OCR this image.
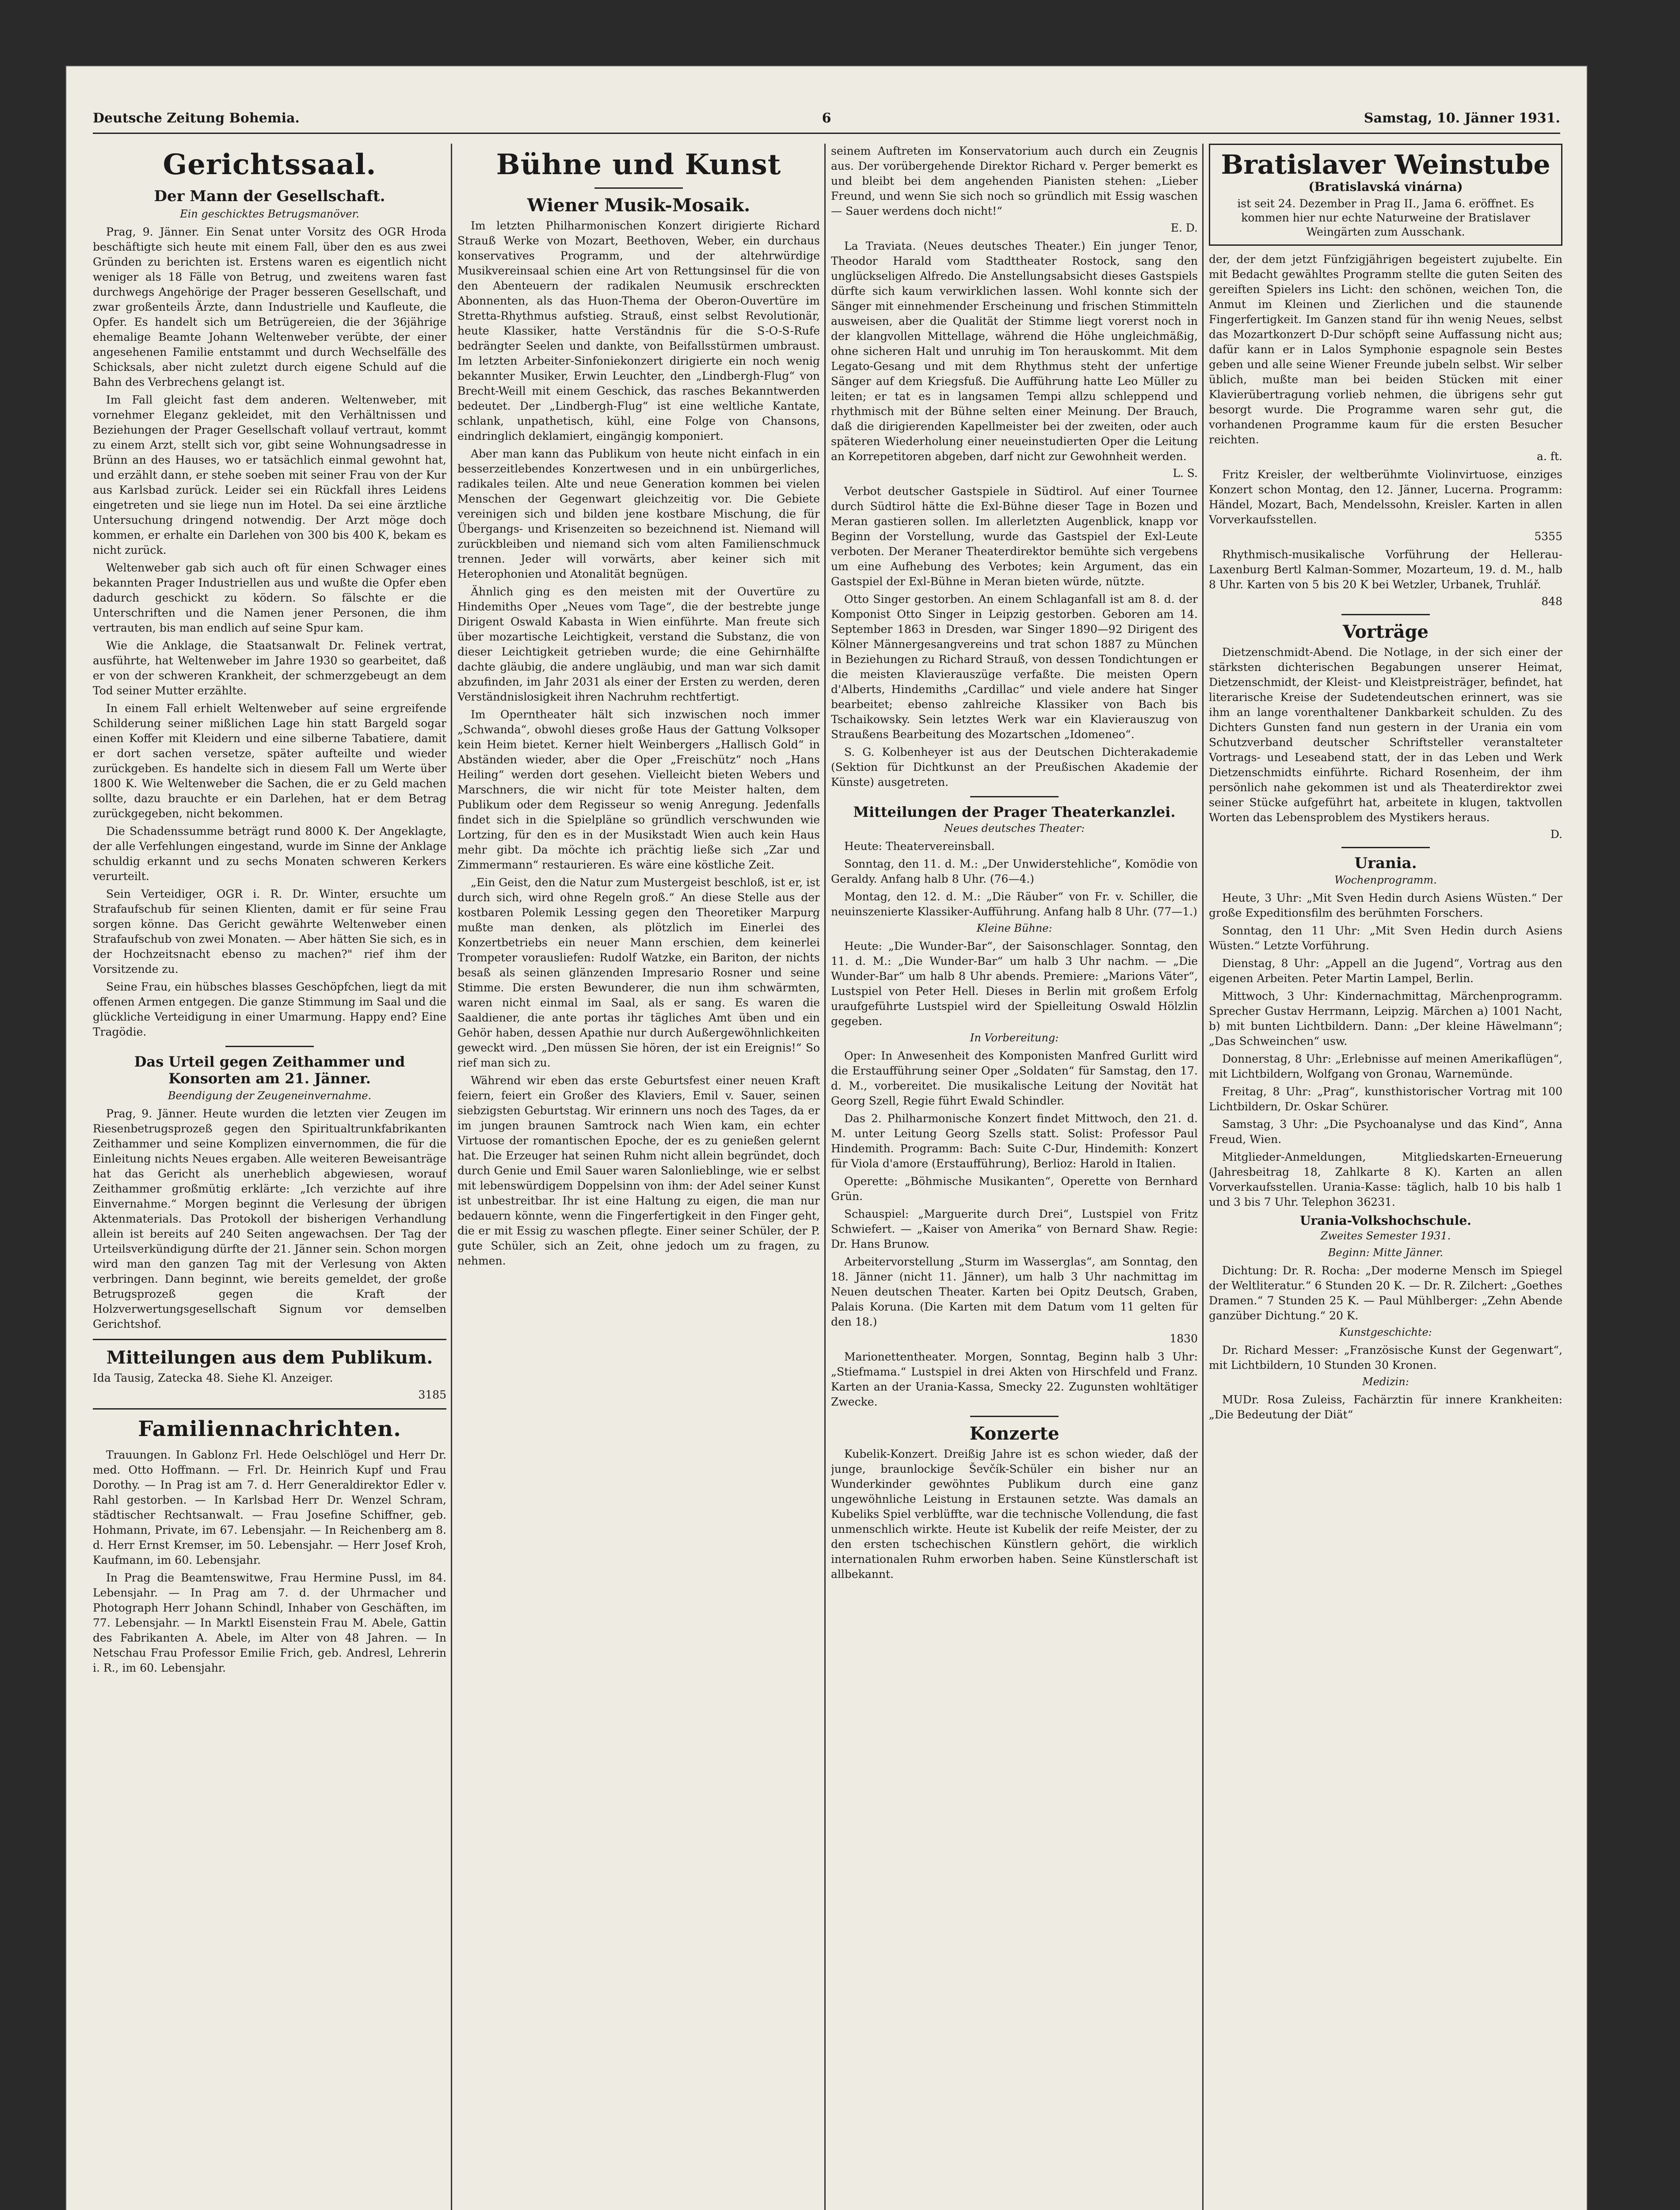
Deutsche Zeitung Bohemia.	6	Samstag, 10. Jänner 1931.
Gerichtssaal.
Der Mann der Gesellschaft.
Ein geschicktes Betrugsmanöver.

Prag, 9. Jänner. Ein Senat unter Vorsitz des OGR Hroda beschäftigte sich heute mit einem Fall, über den es aus zwei Gründen zu berichten ist. Erstens waren es eigentlich nicht weniger als 18 Fälle von Betrug, und zweitens waren fast durchwegs Angehörige der Prager besseren Gesellschaft, und zwar großenteils Ärzte, dann Industrielle und Kaufleute, die Opfer. Es handelt sich um Betrügereien, die der 36jährige ehemalige Beamte Johann Weltenweber verübte, der einer angesehenen Familie entstammt und durch Wechselfälle des Schicksals, aber nicht zuletzt durch eigene Schuld auf die Bahn des Verbrechens gelangt ist.

Im Fall gleicht fast dem anderen. Weltenweber, mit vornehmer Eleganz gekleidet, mit den Verhältnissen und Beziehungen der Prager Gesellschaft vollauf vertraut, kommt zu einem Arzt, stellt sich vor, gibt seine Wohnungsadresse in Brünn an des Hauses, wo er tatsächlich einmal gewohnt hat, und erzählt dann, er stehe soeben mit seiner Frau von der Kur aus Karlsbad zurück. Leider sei ein Rückfall ihres Leidens eingetreten und sie liege nun im Hotel. Da sei eine ärztliche Untersuchung dringend notwendig. Der Arzt möge doch kommen, er erhalte ein Darlehen von 300 bis 400 K, bekam es nicht zurück.

Weltenweber gab sich auch oft für einen Schwager eines bekannten Prager Industriellen aus und wußte die Opfer eben dadurch geschickt zu ködern. So fälschte er die Unterschriften und die Namen jener Personen, die ihm vertrauten, bis man endlich auf seine Spur kam.

Wie die Anklage, die Staatsanwalt Dr. Felinek vertrat, ausführte, hat Weltenweber im Jahre 1930 so gearbeitet, daß er von der schweren Krankheit, der schmerzgebeugt an dem Tod seiner Mutter erzählte.

In einem Fall erhielt Weltenweber auf seine ergreifende Schilderung seiner mißlichen Lage hin statt Bargeld sogar einen Koffer mit Kleidern und eine silberne Tabatiere, damit er dort sachen versetze, später aufteilte und wieder zurückgeben. Es handelte sich in diesem Fall um Werte über 1800 K. Wie Weltenweber die Sachen, die er zu Geld machen sollte, dazu brauchte er ein Darlehen, hat er dem Betrag zurückgegeben, nicht bekommen.

Die Schadenssumme beträgt rund 8000 K. Der Angeklagte, der alle Verfehlungen eingestand, wurde im Sinne der Anklage schuldig erkannt und zu sechs Monaten schweren Kerkers verurteilt.

Sein Verteidiger, OGR i. R. Dr. Winter, ersuchte um Strafaufschub für seinen Klienten, damit er für seine Frau sorgen könne. Das Gericht gewährte Weltenweber einen Strafaufschub von zwei Monaten. — Aber hätten Sie sich, es in der Hochzeitsnacht ebenso zu machen?" rief ihm der Vorsitzende zu.

Seine Frau, ein hübsches blasses Geschöpfchen, liegt da mit offenen Armen entgegen. Die ganze Stimmung im Saal und die glückliche Verteidigung in einer Umarmung. Happy end? Eine Tragödie.

Das Urteil gegen Zeithammer und Konsorten am 21. Jänner.
Beendigung der Zeugeneinvernahme.

Prag, 9. Jänner. Heute wurden die letzten vier Zeugen im Riesenbetrugsprozeß gegen den Spiritualtrunkfabrikanten Zeithammer und seine Komplizen einvernommen, die für die Einleitung nichts Neues ergaben. Alle weiteren Beweisanträge hat das Gericht als unerheblich abgewiesen, worauf Zeithammer großmütig erklärte: „Ich verzichte auf ihre Einvernahme.“ Morgen beginnt die Verlesung der übrigen Aktenmaterials. Das Protokoll der bisherigen Verhandlung allein ist bereits auf 240 Seiten angewachsen. Der Tag der Urteilsverkündigung dürfte der 21. Jänner sein. Schon morgen wird man den ganzen Tag mit der Verlesung von Akten verbringen. Dann beginnt, wie bereits gemeldet, der große Betrugsprozeß gegen die Kraft der Holzverwertungsgesellschaft Signum vor demselben Gerichtshof.

Mitteilungen aus dem Publikum.

Ida Tausig, Zatecka 48. Siehe Kl. Anzeiger.

3185
Familiennachrichten.

Trauungen. In Gablonz Frl. Hede Oelschlögel und Herr Dr. med. Otto Hoffmann. — Frl. Dr. Heinrich Kupf und Frau Dorothy. — In Prag ist am 7. d. Herr Generaldirektor Edler v. Rahl gestorben. — In Karlsbad Herr Dr. Wenzel Schram, städtischer Rechtsanwalt. — Frau Josefine Schiffner, geb. Hohmann, Private, im 67. Lebensjahr. — In Reichenberg am 8. d. Herr Ernst Kremser, im 50. Lebensjahr. — Herr Josef Kroh, Kaufmann, im 60. Lebensjahr.

In Prag die Beamtenswitwe, Frau Hermine Pussl, im 84. Lebensjahr. — In Prag am 7. d. der Uhrmacher und Photograph Herr Johann Schindl, Inhaber von Geschäften, im 77. Lebensjahr. — In Marktl Eisenstein Frau M. Abele, Gattin des Fabrikanten A. Abele, im Alter von 48 Jahren. — In Netschau Frau Professor Emilie Frich, geb. Andresl, Lehrerin i. R., im 60. Lebensjahr.

Bühne und Kunst
Wiener Musik-Mosaik.

Im letzten Philharmonischen Konzert dirigierte Richard Strauß Werke von Mozart, Beethoven, Weber, ein durchaus konservatives Programm, und der altehrwürdige Musikvereinsaal schien eine Art von Rettungsinsel für die von den Abenteuern der radikalen Neumusik erschreckten Abonnenten, als das Huon-Thema der Oberon-Ouvertüre im Stretta-Rhythmus aufstieg. Strauß, einst selbst Revolutionär, heute Klassiker, hatte Verständnis für die S-O-S-Rufe bedrängter Seelen und dankte, von Beifallsstürmen umbraust. Im letzten Arbeiter-Sinfoniekonzert dirigierte ein noch wenig bekannter Musiker, Erwin Leuchter, den „Lindbergh-Flug“ von Brecht-Weill mit einem Geschick, das rasches Bekanntwerden bedeutet. Der „Lindbergh-Flug“ ist eine weltliche Kantate, schlank, unpathetisch, kühl, eine Folge von Chansons, eindringlich deklamiert, eingängig komponiert.

Aber man kann das Publikum von heute nicht einfach in ein besserzeitlebendes Konzertwesen und in ein unbürgerliches, radikales teilen. Alte und neue Generation kommen bei vielen Menschen der Gegenwart gleichzeitig vor. Die Gebiete vereinigen sich und bilden jene kostbare Mischung, die für Übergangs- und Krisenzeiten so bezeichnend ist. Niemand will zurückbleiben und niemand sich vom alten Familienschmuck trennen. Jeder will vorwärts, aber keiner sich mit Heterophonien und Atonalität begnügen.

Ähnlich ging es den meisten mit der Ouvertüre zu Hindemiths Oper „Neues vom Tage“, die der bestrebte junge Dirigent Oswald Kabasta in Wien einführte. Man freute sich über mozartische Leichtigkeit, verstand die Substanz, die von dieser Leichtigkeit getrieben wurde; die eine Gehirnhälfte dachte gläubig, die andere ungläubig, und man war sich damit abzufinden, im Jahr 2031 als einer der Ersten zu werden, deren Verständnislosigkeit ihren Nachruhm rechtfertigt.

Im Operntheater hält sich inzwischen noch immer „Schwanda“, obwohl dieses große Haus der Gattung Volksoper kein Heim bietet. Kerner hielt Weinbergers „Hallisch Gold“ in Abständen wieder, aber die Oper „Freischütz“ noch „Hans Heiling“ werden dort gesehen. Vielleicht bieten Webers und Marschners, die wir nicht für tote Meister halten, dem Publikum oder dem Regisseur so wenig Anregung. Jedenfalls findet sich in die Spielpläne so gründlich verschwunden wie Lortzing, für den es in der Musikstadt Wien auch kein Haus mehr gibt. Da möchte ich prächtig ließe sich „Zar und Zimmermann“ restaurieren. Es wäre eine köstliche Zeit.

„Ein Geist, den die Natur zum Mustergeist beschloß, ist er, ist durch sich, wird ohne Regeln groß.“ An diese Stelle aus der kostbaren Polemik Lessing gegen den Theoretiker Marpurg mußte man denken, als plötzlich im Einerlei des Konzertbetriebs ein neuer Mann erschien, dem keinerlei Trompeter vorausliefen: Rudolf Watzke, ein Bariton, der nichts besaß als seinen glänzenden Impresario Rosner und seine Stimme. Die ersten Bewunderer, die nun ihm schwärmten, waren nicht einmal im Saal, als er sang. Es waren die Saaldiener, die ante portas ihr tägliches Amt üben und ein Gehör haben, dessen Apathie nur durch Außergewöhnlichkeiten geweckt wird. „Den müssen Sie hören, der ist ein Ereignis!“ So rief man sich zu.

Während wir eben das erste Geburtsfest einer neuen Kraft feiern, feiert ein Großer des Klaviers, Emil v. Sauer, seinen siebzigsten Geburtstag. Wir erinnern uns noch des Tages, da er im jungen braunen Samtrock nach Wien kam, ein echter Virtuose der romantischen Epoche, der es zu genießen gelernt hat. Die Erzeuger hat seinen Ruhm nicht allein begründet, doch durch Genie und Emil Sauer waren Salonlieblinge, wie er selbst mit lebenswürdigem Doppelsinn von ihm: der Adel seiner Kunst ist unbestreitbar. Ihr ist eine Haltung zu eigen, die man nur bedauern könnte, wenn die Fingerfertigkeit in den Finger geht, die er mit Essig zu waschen pflegte. Einer seiner Schüler, der P. gute Schüler, sich an Zeit, ohne jedoch um zu fragen, zu nehmen.

seinem Auftreten im Konservatorium auch durch ein Zeugnis aus. Der vorübergehende Direktor Richard v. Perger bemerkt es und bleibt bei dem angehenden Pianisten stehen: „Lieber Freund, und wenn Sie sich noch so gründlich mit Essig waschen — Sauer werdens doch nicht!“

E. D.

La Traviata. (Neues deutsches Theater.) Ein junger Tenor, Theodor Harald vom Stadttheater Rostock, sang den unglückseligen Alfredo. Die Anstellungsabsicht dieses Gastspiels dürfte sich kaum verwirklichen lassen. Wohl konnte sich der Sänger mit einnehmender Erscheinung und frischen Stimmitteln ausweisen, aber die Qualität der Stimme liegt vorerst noch in der klangvollen Mittellage, während die Höhe ungleichmäßig, ohne sicheren Halt und unruhig im Ton herauskommt. Mit dem Legato-Gesang und mit dem Rhythmus steht der unfertige Sänger auf dem Kriegsfuß. Die Aufführung hatte Leo Müller zu leiten; er tat es in langsamen Tempi allzu schleppend und rhythmisch mit der Bühne selten einer Meinung. Der Brauch, daß die dirigierenden Kapellmeister bei der zweiten, oder auch späteren Wiederholung einer neueinstudierten Oper die Leitung an Korrepetitoren abgeben, darf nicht zur Gewohnheit werden.

L. S.

Verbot deutscher Gastspiele in Südtirol. Auf einer Tournee durch Südtirol hätte die Exl-Bühne dieser Tage in Bozen und Meran gastieren sollen. Im allerletzten Augenblick, knapp vor Beginn der Vorstellung, wurde das Gastspiel der Exl-Leute verboten. Der Meraner Theaterdirektor bemühte sich vergebens um eine Aufhebung des Verbotes; kein Argument, das ein Gastspiel der Exl-Bühne in Meran bieten würde, nützte.

Otto Singer gestorben. An einem Schlaganfall ist am 8. d. der Komponist Otto Singer in Leipzig gestorben. Geboren am 14. September 1863 in Dresden, war Singer 1890—92 Dirigent des Kölner Männergesangvereins und trat schon 1887 zu München in Beziehungen zu Richard Strauß, von dessen Tondichtungen er die meisten Klavierauszüge verfaßte. Die meisten Opern d'Alberts, Hindemiths „Cardillac“ und viele andere hat Singer bearbeitet; ebenso zahlreiche Klassiker von Bach bis Tschaikowsky. Sein letztes Werk war ein Klavierauszug von Straußens Bearbeitung des Mozartschen „Idomeneo“.

S. G. Kolbenheyer ist aus der Deutschen Dichterakademie (Sektion für Dichtkunst an der Preußischen Akademie der Künste) ausgetreten.

Mitteilungen der Prager Theaterkanzlei.
Neues deutsches Theater:

Heute: Theatervereinsball.

Sonntag, den 11. d. M.: „Der Unwiderstehliche“, Komödie von Geraldy. Anfang halb 8 Uhr. (76—4.)

Montag, den 12. d. M.: „Die Räuber“ von Fr. v. Schiller, die neuinszenierte Klassiker-Aufführung. Anfang halb 8 Uhr. (77—1.)

Kleine Bühne:

Heute: „Die Wunder-Bar“, der Saisonschlager. Sonntag, den 11. d. M.: „Die Wunder-Bar“ um halb 3 Uhr nachm. — „Die Wunder-Bar“ um halb 8 Uhr abends. Premiere: „Marions Väter“, Lustspiel von Peter Hell. Dieses in Berlin mit großem Erfolg uraufgeführte Lustspiel wird der Spielleitung Oswald Hölzlin gegeben.

In Vorbereitung:

Oper: In Anwesenheit des Komponisten Manfred Gurlitt wird die Erstaufführung seiner Oper „Soldaten“ für Samstag, den 17. d. M., vorbereitet. Die musikalische Leitung der Novität hat Georg Szell, Regie führt Ewald Schindler.

Das 2. Philharmonische Konzert findet Mittwoch, den 21. d. M. unter Leitung Georg Szells statt. Solist: Professor Paul Hindemith. Programm: Bach: Suite C-Dur, Hindemith: Konzert für Viola d'amore (Erstaufführung), Berlioz: Harold in Italien.

Operette: „Böhmische Musikanten“, Operette von Bernhard Grün.

Schauspiel: „Marguerite durch Drei“, Lustspiel von Fritz Schwiefert. — „Kaiser von Amerika“ von Bernard Shaw. Regie: Dr. Hans Brunow.

Arbeitervorstellung „Sturm im Wasserglas“, am Sonntag, den 18. Jänner (nicht 11. Jänner), um halb 3 Uhr nachmittag im Neuen deutschen Theater. Karten bei Opitz Deutsch, Graben, Palais Koruna. (Die Karten mit dem Datum vom 11 gelten für den 18.)

1830

Marionettentheater. Morgen, Sonntag, Beginn halb 3 Uhr: „Stiefmama.“ Lustspiel in drei Akten von Hirschfeld und Franz. Karten an der Urania-Kassa, Smecky 22. Zugunsten wohltätiger Zwecke.

Konzerte

Kubelik-Konzert. Dreißig Jahre ist es schon wieder, daß der junge, braunlockige Ševčík-Schüler ein bisher nur an Wunderkinder gewöhntes Publikum durch eine ganz ungewöhnliche Leistung in Erstaunen setzte. Was damals an Kubeliks Spiel verblüffte, war die technische Vollendung, die fast unmenschlich wirkte. Heute ist Kubelik der reife Meister, der zu den ersten tschechischen Künstlern gehört, die wirklich internationalen Ruhm erworben haben. Seine Künstlerschaft ist allbekannt.

Bratislaver Weinstube
(Bratislavská vinárna)
ist seit 24. Dezember in Prag II., Jama 6. eröffnet. Es kommen hier nur echte Naturweine der Bratislaver Weingärten zum Ausschank.

der, der dem jetzt Fünfzigjährigen begeistert zujubelte. Ein mit Bedacht gewähltes Programm stellte die guten Seiten des gereiften Spielers ins Licht: den schönen, weichen Ton, die Anmut im Kleinen und Zierlichen und die staunende Fingerfertigkeit. Im Ganzen stand für ihn wenig Neues, selbst das Mozartkonzert D-Dur schöpft seine Auffassung nicht aus; dafür kann er in Lalos Symphonie espagnole sein Bestes geben und alle seine Wiener Freunde jubeln selbst. Wir selber üblich, mußte man bei beiden Stücken mit einer Klavierübertragung vorlieb nehmen, die übrigens sehr gut besorgt wurde. Die Programme waren sehr gut, die vorhandenen Programme kaum für die ersten Besucher reichten.

a. ft.

Fritz Kreisler, der weltberühmte Violinvirtuose, einziges Konzert schon Montag, den 12. Jänner, Lucerna. Programm: Händel, Mozart, Bach, Mendelssohn, Kreisler. Karten in allen Vorverkaufsstellen.

5355

Rhythmisch-musikalische Vorführung der Hellerau-Laxenburg Bertl Kalman-Sommer, Mozarteum, 19. d. M., halb 8 Uhr. Karten von 5 bis 20 K bei Wetzler, Urbanek, Truhlář.

848
Vorträge

Dietzenschmidt-Abend. Die Notlage, in der sich einer der stärksten dichterischen Begabungen unserer Heimat, Dietzenschmidt, der Kleist- und Kleistpreisträger, befindet, hat literarische Kreise der Sudetendeutschen erinnert, was sie ihm an lange vorenthaltener Dankbarkeit schulden. Zu des Dichters Gunsten fand nun gestern in der Urania ein vom Schutzverband deutscher Schriftsteller veranstalteter Vortrags- und Leseabend statt, der in das Leben und Werk Dietzenschmidts einführte. Richard Rosenheim, der ihm persönlich nahe gekommen ist und als Theaterdirektor zwei seiner Stücke aufgeführt hat, arbeitete in klugen, taktvollen Worten das Lebensproblem des Mystikers heraus.

D.
Urania.
Wochenprogramm.

Heute, 3 Uhr: „Mit Sven Hedin durch Asiens Wüsten.“ Der große Expeditionsfilm des berühmten Forschers.

Sonntag, den 11 Uhr: „Mit Sven Hedin durch Asiens Wüsten.“ Letzte Vorführung.

Dienstag, 8 Uhr: „Appell an die Jugend“, Vortrag aus den eigenen Arbeiten. Peter Martin Lampel, Berlin.

Mittwoch, 3 Uhr: Kindernachmittag, Märchenprogramm. Sprecher Gustav Herrmann, Leipzig. Märchen a) 1001 Nacht, b) mit bunten Lichtbildern. Dann: „Der kleine Häwelmann“; „Das Schweinchen“ usw.

Donnerstag, 8 Uhr: „Erlebnisse auf meinen Amerikaflügen“, mit Lichtbildern, Wolfgang von Gronau, Warnemünde.

Freitag, 8 Uhr: „Prag“, kunsthistorischer Vortrag mit 100 Lichtbildern, Dr. Oskar Schürer.

Samstag, 3 Uhr: „Die Psychoanalyse und das Kind“, Anna Freud, Wien.

Mitglieder-Anmeldungen, Mitgliedskarten-Erneuerung (Jahresbeitrag 18, Zahlkarte 8 K). Karten an allen Vorverkaufsstellen. Urania-Kasse: täglich, halb 10 bis halb 1 und 3 bis 7 Uhr. Telephon 36231.

Urania-Volkshochschule.
Zweites Semester 1931.
Beginn: Mitte Jänner.

Dichtung: Dr. R. Rocha: „Der moderne Mensch im Spiegel der Weltliteratur.“ 6 Stunden 20 K. — Dr. R. Zilchert: „Goethes Dramen.“ 7 Stunden 25 K. — Paul Mühlberger: „Zehn Abende ganzüber Dichtung.“ 20 K.

Kunstgeschichte:

Dr. Richard Messer: „Französische Kunst der Gegenwart“, mit Lichtbildern, 10 Stunden 30 Kronen.

Medizin:

MUDr. Rosa Zuleiss, Fachärztin für innere Krankheiten: „Die Bedeutung der Diät“
